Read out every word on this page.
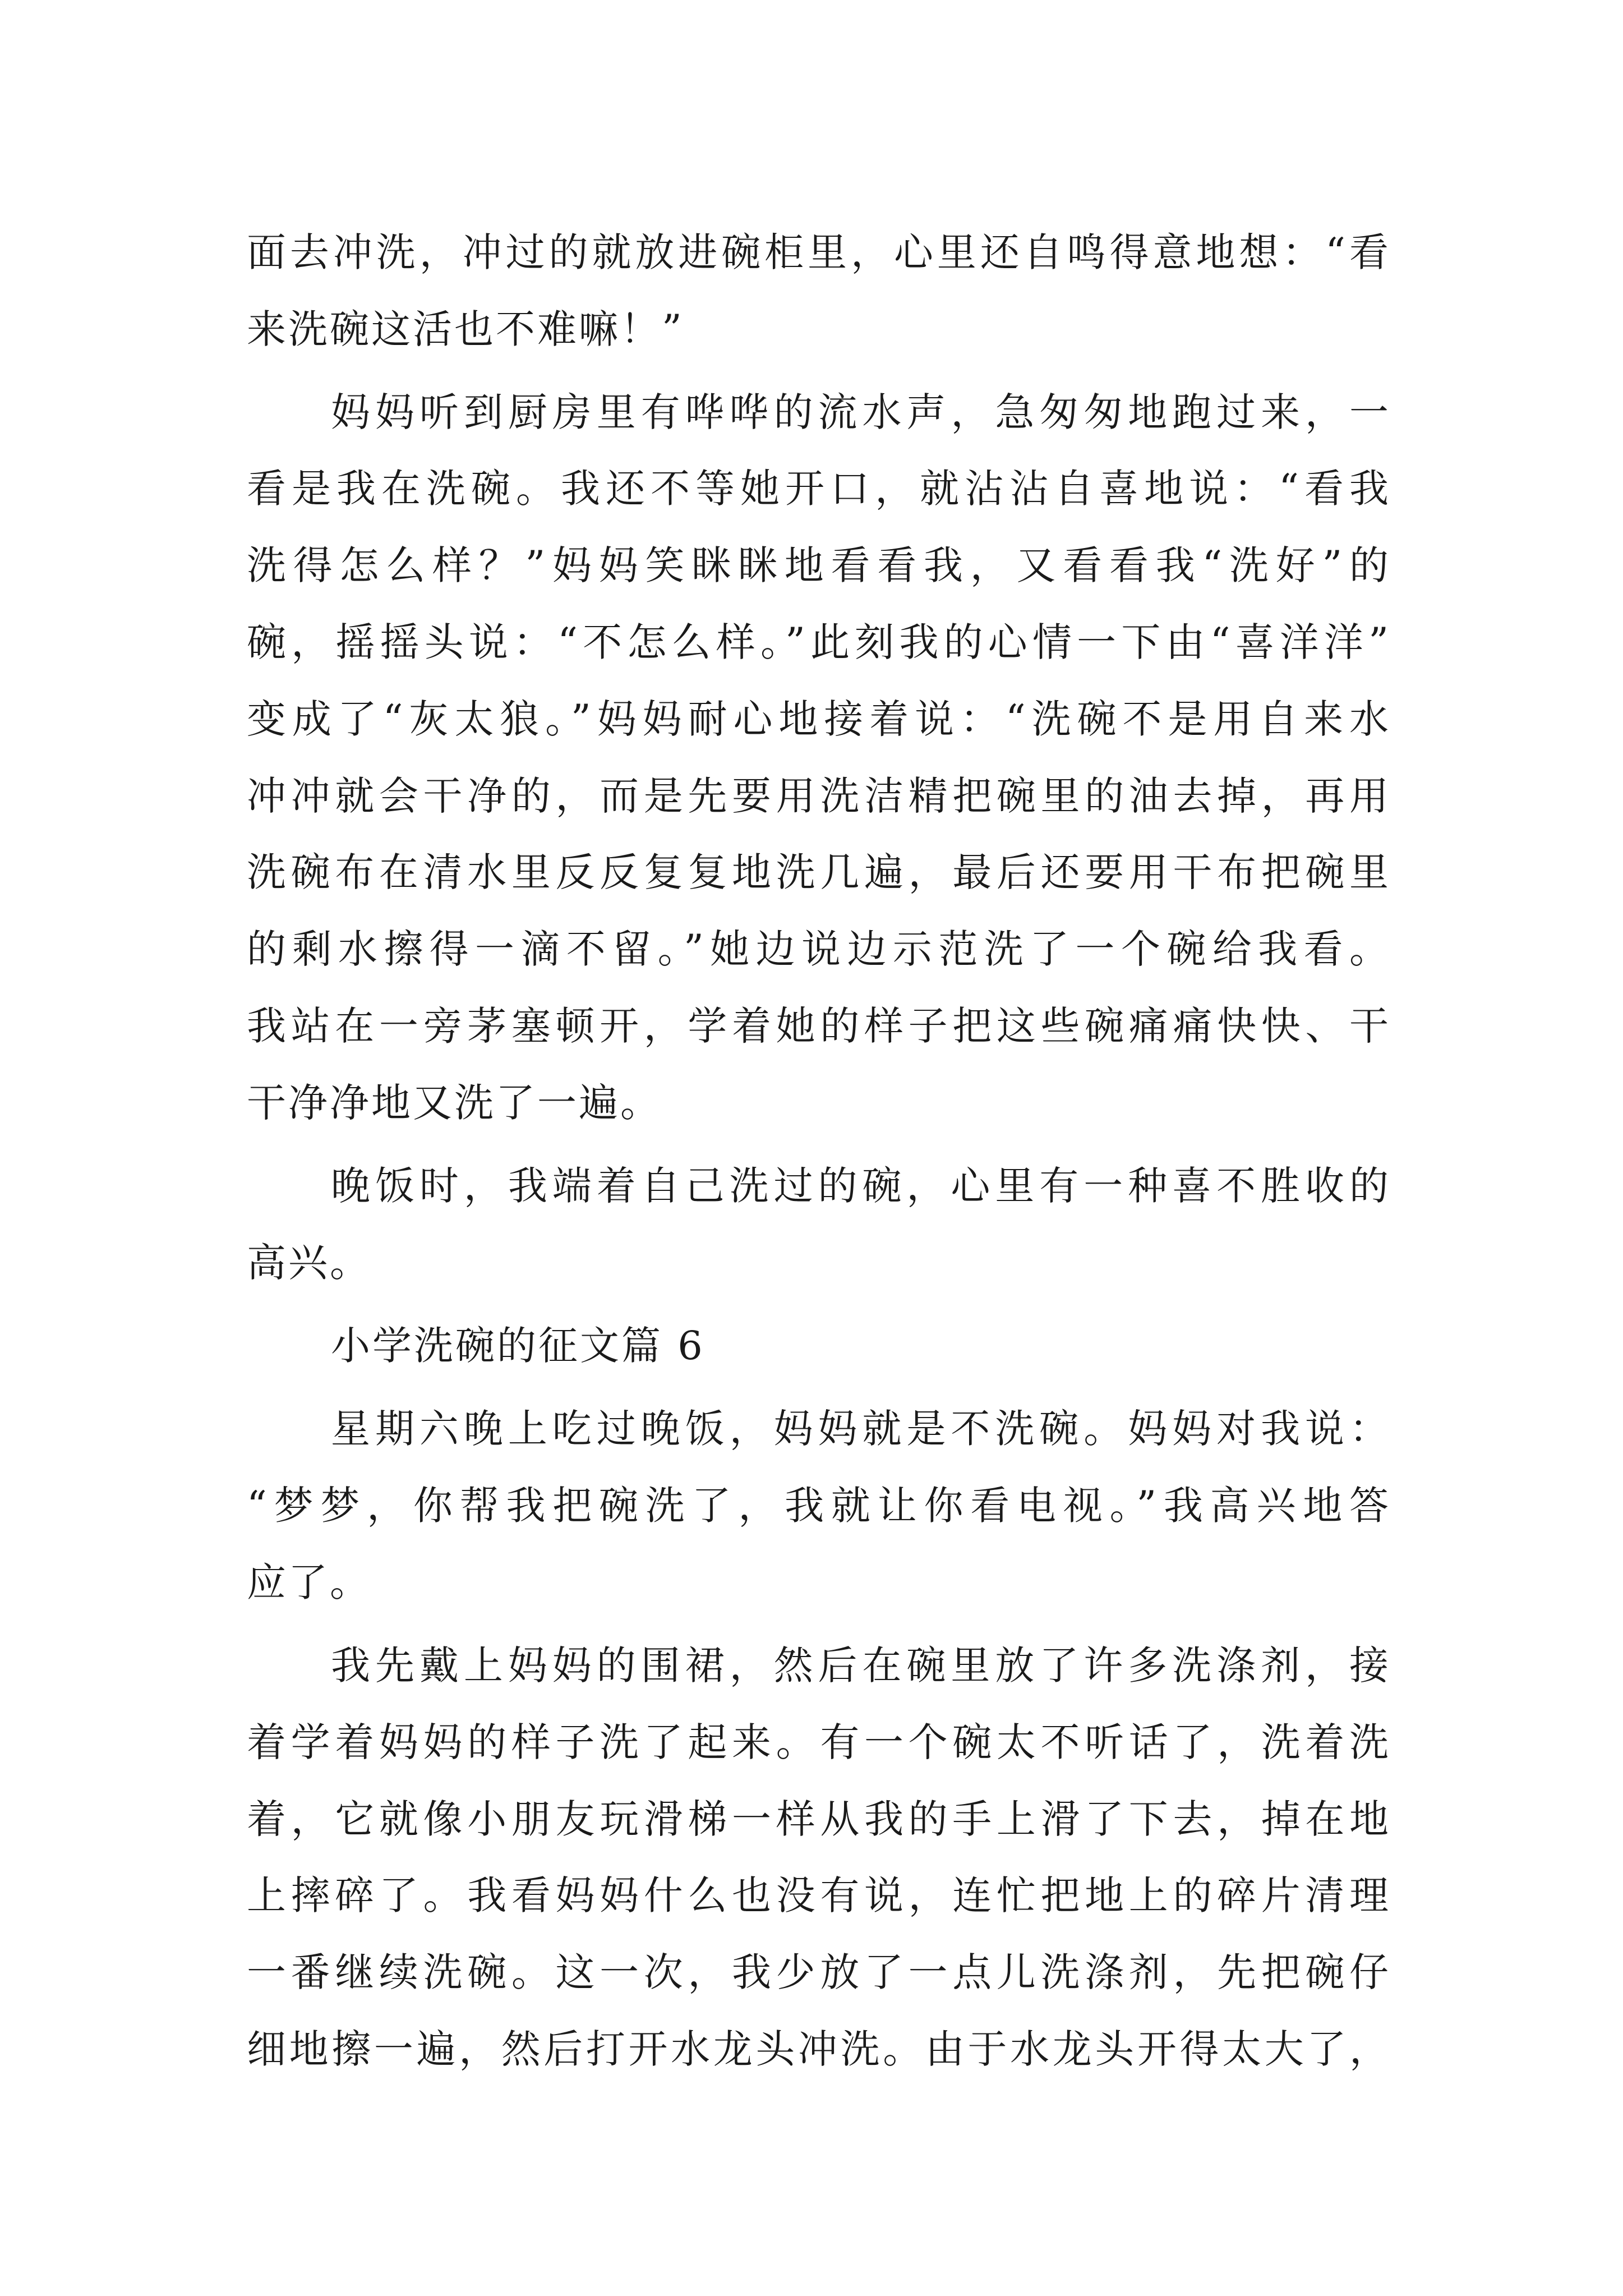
面去冲洗，冲过的就放进碗柜里，心里还自鸣得意地想：“看
来洗碗这活也不难嘛！”
妈妈听到厨房里有哗哗的流水声，急匆匆地跑过来，一
看是我在洗碗。我还不等她开口，就沾沾自喜地说：“看我
洗得怎么样？”妈妈笑眯眯地看看我，又看看我“洗好”的
碗，摇摇头说：“不怎么样。”此刻我的心情一下由“喜洋洋”
变成了“灰太狼。”妈妈耐心地接着说：“洗碗不是用自来水
冲冲就会干净的，而是先要用洗洁精把碗里的油去掉，再用
洗碗布在清水里反反复复地洗几遍，最后还要用干布把碗里
的剩水擦得一滴不留。”她边说边示范洗了一个碗给我看。
我站在一旁茅塞顿开，学着她的样子把这些碗痛痛快快、干
干净净地又洗了一遍。
晚饭时，我端着自己洗过的碗，心里有一种喜不胜收的
高兴。
小学洗碗的征文篇 6
星期六晚上吃过晚饭，妈妈就是不洗碗。妈妈对我说：
“梦梦，你帮我把碗洗了，我就让你看电视。”我高兴地答
应了。
我先戴上妈妈的围裙，然后在碗里放了许多洗涤剂，接
着学着妈妈的样子洗了起来。有一个碗太不听话了，洗着洗
着，它就像小朋友玩滑梯一样从我的手上滑了下去，掉在地
上摔碎了。我看妈妈什么也没有说，连忙把地上的碎片清理
一番继续洗碗。这一次，我少放了一点儿洗涤剂，先把碗仔
细地擦一遍，然后打开水龙头冲洗。由于水龙头开得太大了，
